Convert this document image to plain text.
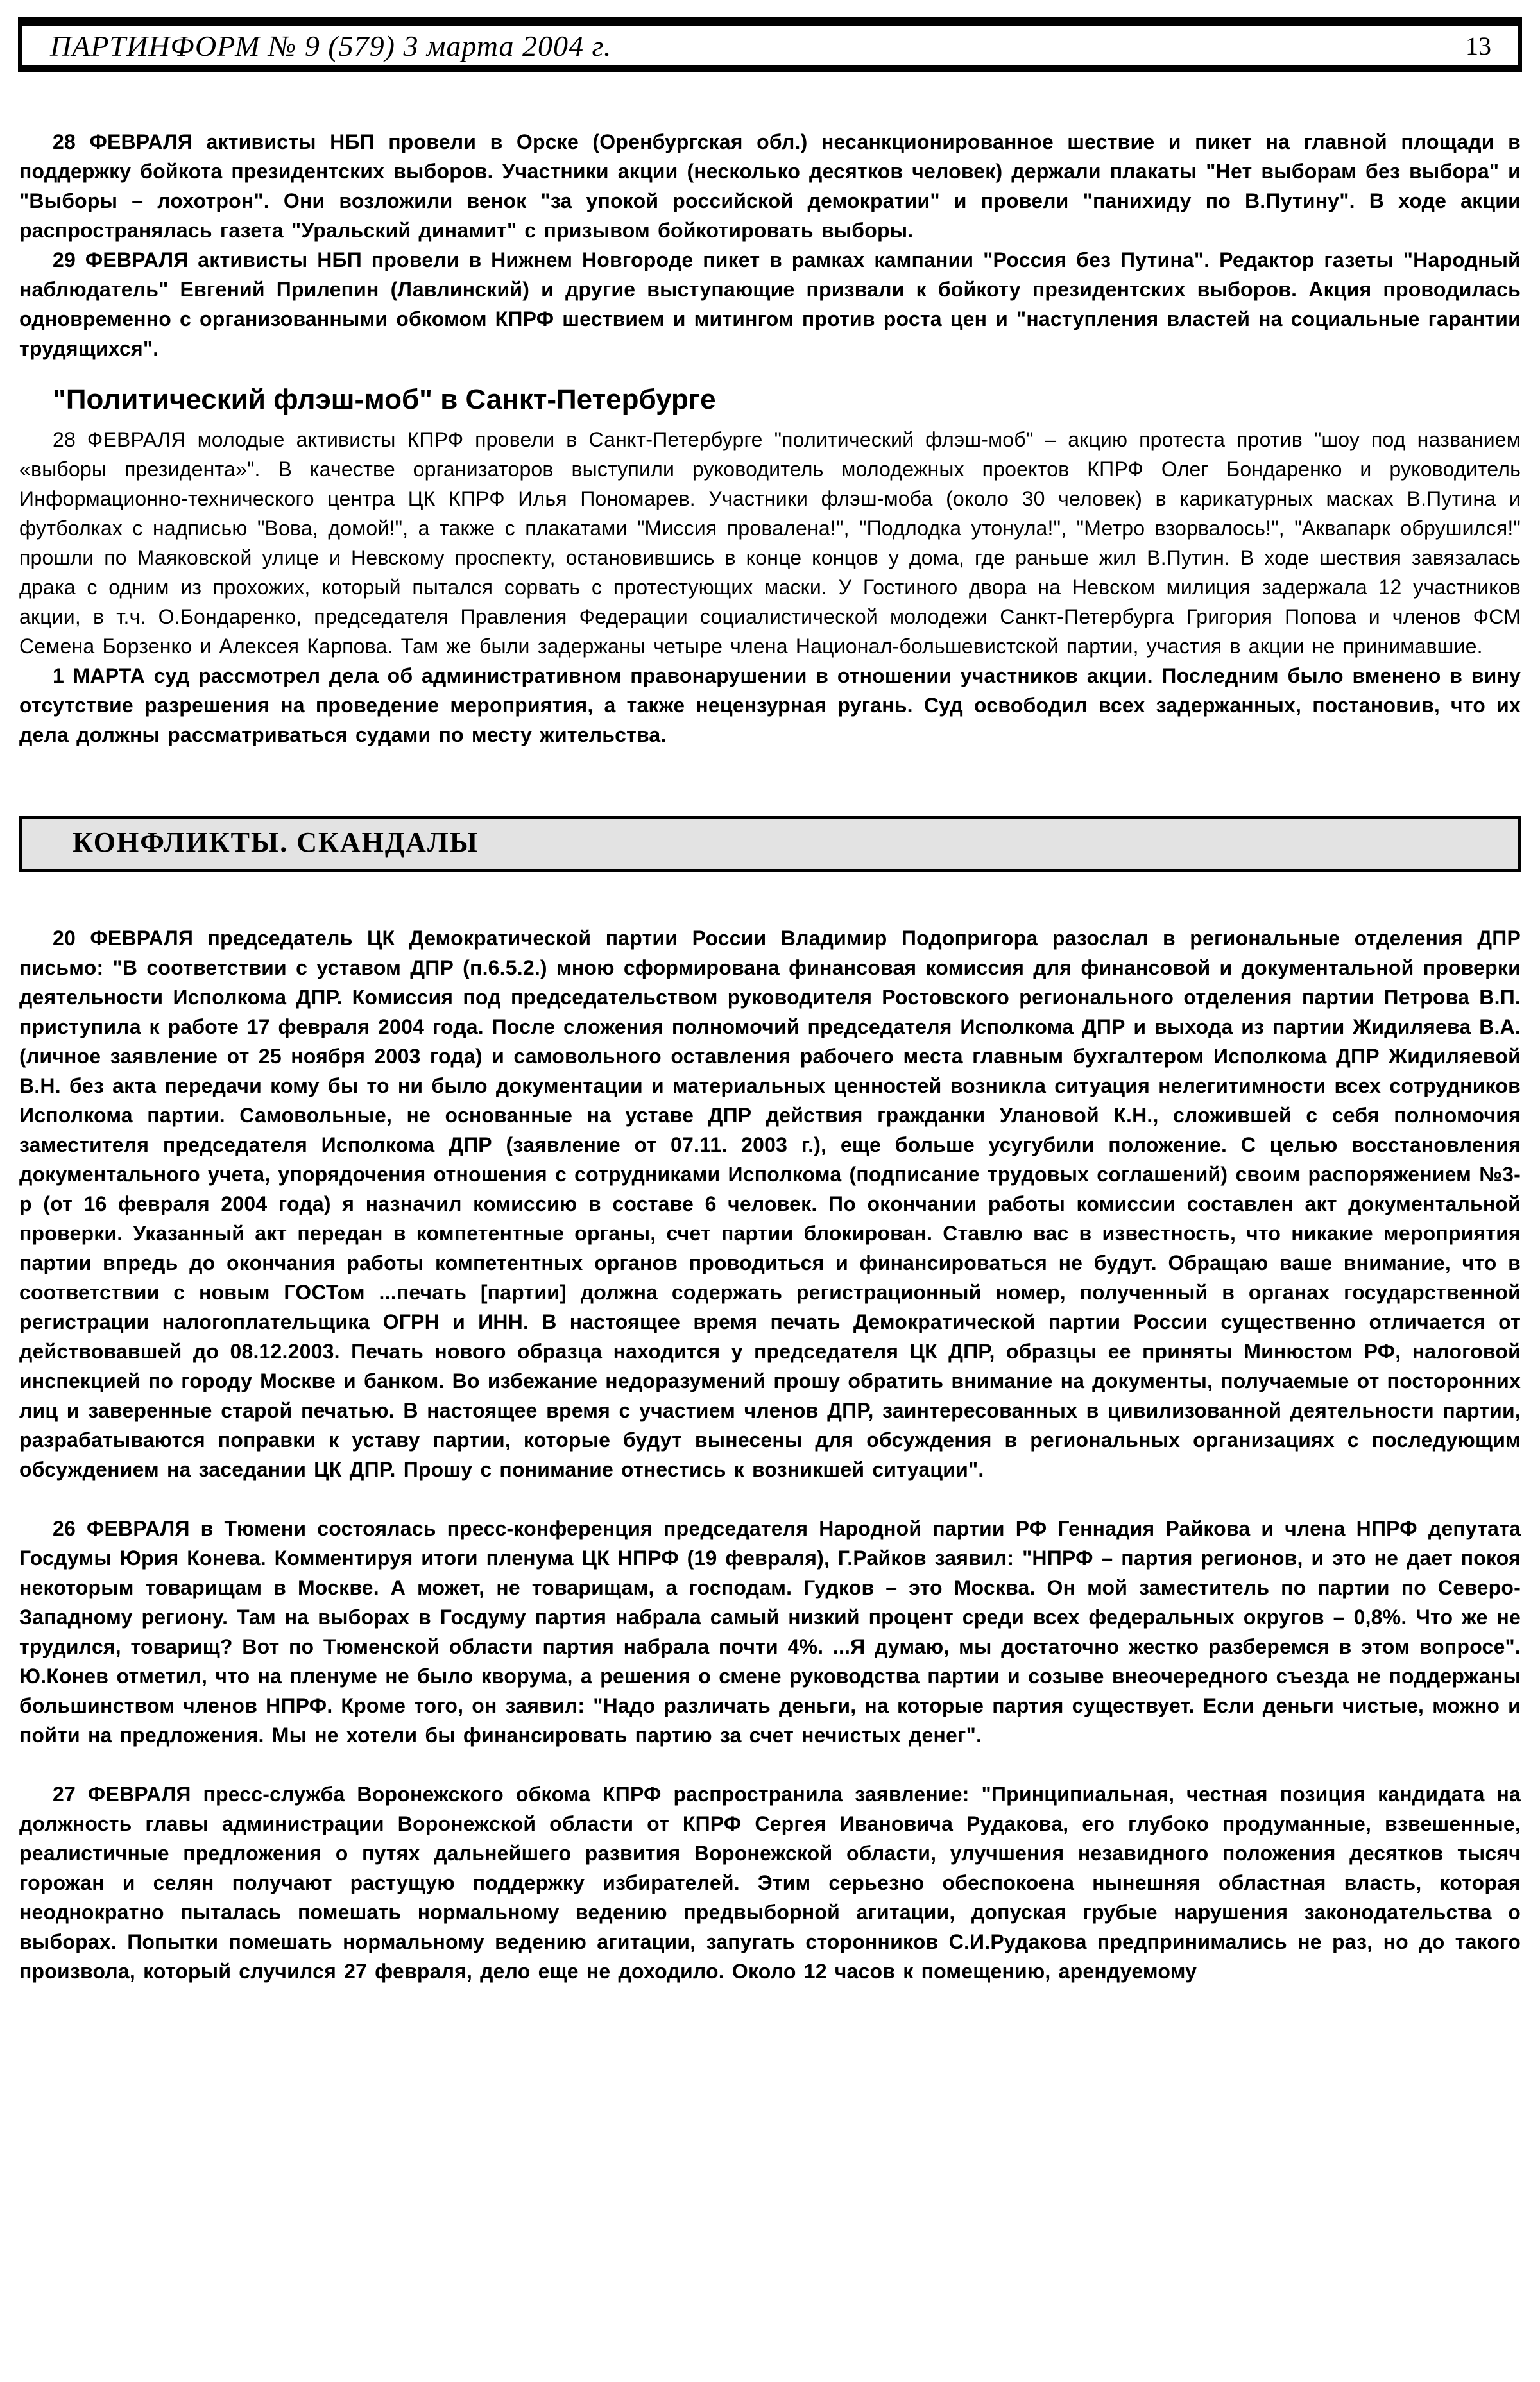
ПАРТИНФОРМ № 9 (579) 3 марта 2004 г.	13

28 ФЕВРАЛЯ активисты НБП провели в Орске (Оренбургская обл.) несанкционированное шествие и пикет на главной площади в поддержку бойкота президентских выборов. Участники акции (несколько десятков человек) держали плакаты "Нет выборам без выбора" и "Выборы – лохотрон". Они возложили венок "за упокой российской демократии" и провели "панихиду по В.Путину". В ходе акции распространялась газета "Уральский динамит" с призывом бойкотировать выборы.

29 ФЕВРАЛЯ активисты НБП провели в Нижнем Новгороде пикет в рамках кампании "Россия без Путина". Редактор газеты "Народный наблюдатель" Евгений Прилепин (Лавлинский) и другие выступающие призвали к бойкоту президентских выборов. Акция проводилась одновременно с организованными обкомом КПРФ шествием и митингом против роста цен и "наступления властей на социальные гарантии трудящихся".

"Политический флэш-моб" в Санкт-Петербурге

28 ФЕВРАЛЯ молодые активисты КПРФ провели в Санкт-Петербурге "политический флэш-моб" – акцию протеста против "шоу под названием «выборы президента»". В качестве организаторов выступили руководитель молодежных проектов КПРФ Олег Бондаренко и руководитель Информационно-технического центра ЦК КПРФ Илья Пономарев. Участники флэш-моба (около 30 человек) в карикатурных масках В.Путина и футболках с надписью "Вова, домой!", а также с плакатами "Миссия провалена!", "Подлодка утонула!", "Метро взорвалось!", "Аквапарк обрушился!" прошли по Маяковской улице и Невскому проспекту, остановившись в конце концов у дома, где раньше жил В.Путин. В ходе шествия завязалась драка с одним из прохожих, который пытался сорвать с протестующих маски. У Гостиного двора на Невском милиция задержала 12 участников акции, в т.ч. О.Бондаренко, председателя Правления Федерации социалистической молодежи Санкт-Петербурга Григория Попова и членов ФСМ Семена Борзенко и Алексея Карпова. Там же были задержаны четыре члена Национал-большевистской партии, участия в акции не принимавшие.

1 МАРТА суд рассмотрел дела об административном правонарушении в отношении участников акции. Последним было вменено в вину отсутствие разрешения на проведение мероприятия, а также нецензурная ругань. Суд освободил всех задержанных, постановив, что их дела должны рассматриваться судами по месту жительства.

КОНФЛИКТЫ. СКАНДАЛЫ

20 ФЕВРАЛЯ председатель ЦК Демократической партии России Владимир Подопригора разослал в региональные отделения ДПР письмо: "В соответствии с уставом ДПР (п.6.5.2.) мною сформирована финансовая комиссия для финансовой и документальной проверки деятельности Исполкома ДПР. Комиссия под председательством руководителя Ростовского регионального отделения партии Петрова В.П. приступила к работе 17 февраля 2004 года. После сложения полномочий председателя Исполкома ДПР и выхода из партии Жидиляева В.А. (личное заявление от 25 ноября 2003 года) и самовольного оставления рабочего места главным бухгалтером Исполкома ДПР Жидиляевой В.Н. без акта передачи кому бы то ни было документации и материальных ценностей возникла ситуация нелегитимности всех сотрудников Исполкома партии. Самовольные, не основанные на уставе ДПР действия гражданки Улановой К.Н., сложившей с себя полномочия заместителя председателя Исполкома ДПР (заявление от 07.11. 2003 г.), еще больше усугубили положение. С целью восстановления документального учета, упорядочения отношения с сотрудниками Исполкома (подписание трудовых соглашений) своим распоряжением №3-р (от 16 февраля 2004 года) я назначил комиссию в составе 6 человек. По окончании работы комиссии составлен акт документальной проверки. Указанный акт передан в компетентные органы, счет партии блокирован. Ставлю вас в известность, что никакие мероприятия партии впредь до окончания работы компетентных органов проводиться и финансироваться не будут. Обращаю ваше внимание, что в соответствии с новым ГОСТом ...печать [партии] должна содержать регистрационный номер, полученный в органах государственной регистрации налогоплательщика ОГРН и ИНН. В настоящее время печать Демократической партии России существенно отличается от действовавшей до 08.12.2003. Печать нового образца находится у председателя ЦК ДПР, образцы ее приняты Минюстом РФ, налоговой инспекцией по городу Москве и банком. Во избежание недоразумений прошу обратить внимание на документы, получаемые от посторонних лиц и заверенные старой печатью. В настоящее время с участием членов ДПР, заинтересованных в цивилизованной деятельности партии, разрабатываются поправки к уставу партии, которые будут вынесены для обсуждения в региональных организациях с последующим обсуждением на заседании ЦК ДПР. Прошу с понимание отнестись к возникшей ситуации".

26 ФЕВРАЛЯ в Тюмени состоялась пресс-конференция председателя Народной партии РФ Геннадия Райкова и члена НПРФ депутата Госдумы Юрия Конева. Комментируя итоги пленума ЦК НПРФ (19 февраля), Г.Райков заявил: "НПРФ – партия регионов, и это не дает покоя некоторым товарищам в Москве. А может, не товарищам, а господам. Гудков – это Москва. Он мой заместитель по партии по Северо-Западному региону. Там на выборах в Госдуму партия набрала самый низкий процент среди всех федеральных округов – 0,8%. Что же не трудился, товарищ? Вот по Тюменской области партия набрала почти 4%. ...Я думаю, мы достаточно жестко разберемся в этом вопросе". Ю.Конев отметил, что на пленуме не было кворума, а решения о смене руководства партии и созыве внеочередного съезда не поддержаны большинством членов НПРФ. Кроме того, он заявил: "Надо различать деньги, на которые партия существует. Если деньги чистые, можно и пойти на предложения. Мы не хотели бы финансировать партию за счет нечистых денег".

27 ФЕВРАЛЯ пресс-служба Воронежского обкома КПРФ распространила заявление: "Принципиальная, честная позиция кандидата на должность главы администрации Воронежской области от КПРФ Сергея Ивановича Рудакова, его глубоко продуманные, взвешенные, реалистичные предложения о путях дальнейшего развития Воронежской области, улучшения незавидного положения десятков тысяч горожан и селян получают растущую поддержку избирателей. Этим серьезно обеспокоена нынешняя областная власть, которая неоднократно пыталась помешать нормальному ведению предвыборной агитации, допуская грубые нарушения законодательства о выборах. Попытки помешать нормальному ведению агитации, запугать сторонников С.И.Рудакова предпринимались не раз, но до такого произвола, который случился 27 февраля, дело еще не доходило. Около 12 часов к помещению, арендуемому
